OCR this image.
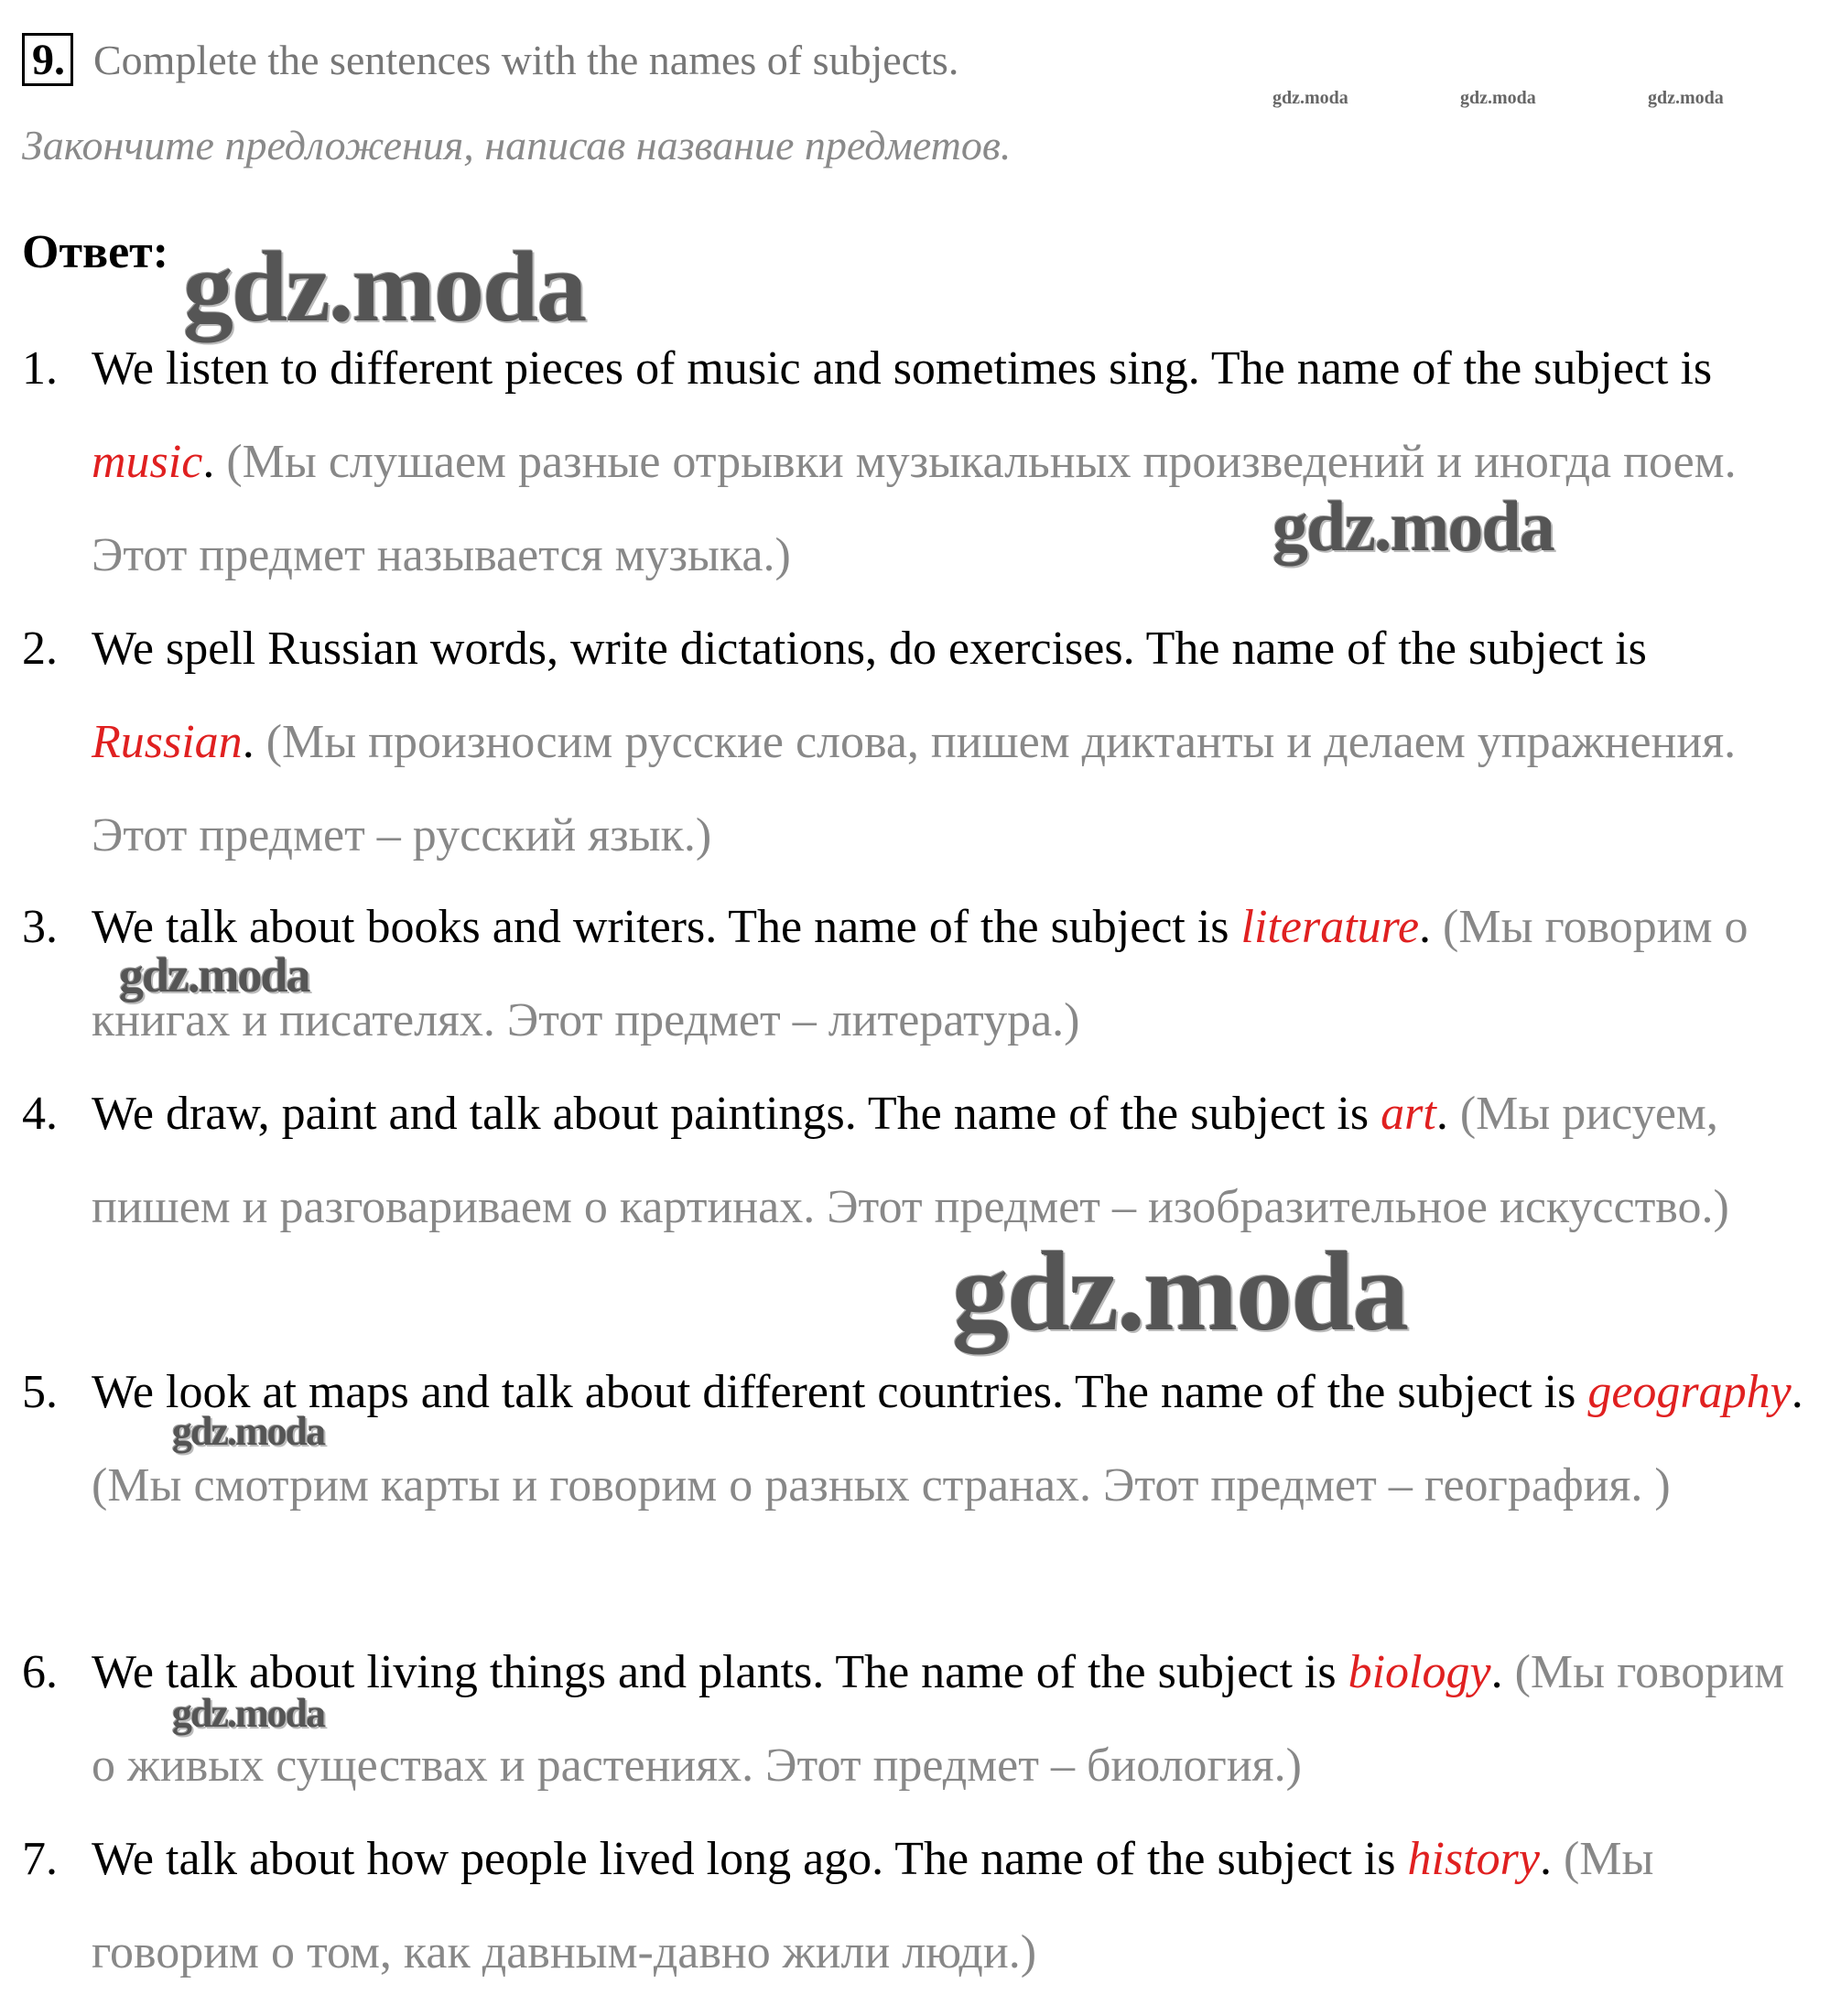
9. Complete the sentences with the names of subjects.
gdz.moda	gdz.moda	gdz.moda
Закончите предложения, написав название предметов.
Ответ:
1. We listen to different pieces of music and sometimes sing. The name of the subject is music. (Мы слушаем разные отрывки музыкальных произведений и иногда поем. Этот предмет называется музыка.)
2. We spell Russian words, write dictations, do exercises. The name of the subject is Russian. (Мы произносим русские слова, пишем диктанты и делаем упражнения. Этот предмет – русский язык.)
3. We talk about books and writers. The name of the subject is literature. (Мы говорим о книгах и писателях. Этот предмет – литература.)
4. We draw, paint and talk about paintings. The name of the subject is art. (Мы рисуем, пишем и разговариваем о картинах. Этот предмет – изобразительное искусство.)
5. We look at maps and talk about different countries. The name of the subject is geography. (Мы смотрим карты и говорим о разных странах. Этот предмет – география. )
6. We talk about living things and plants. The name of the subject is biology. (Мы говорим о живых существах и растениях. Этот предмет – биология.)
7. We talk about how people lived long ago. The name of the subject is history. (Мы говорим о том, как давным-давно жили люди.)
gdz.moda
gdz.moda
gdz.moda
gdz.moda
gdz.moda
gdz.moda
